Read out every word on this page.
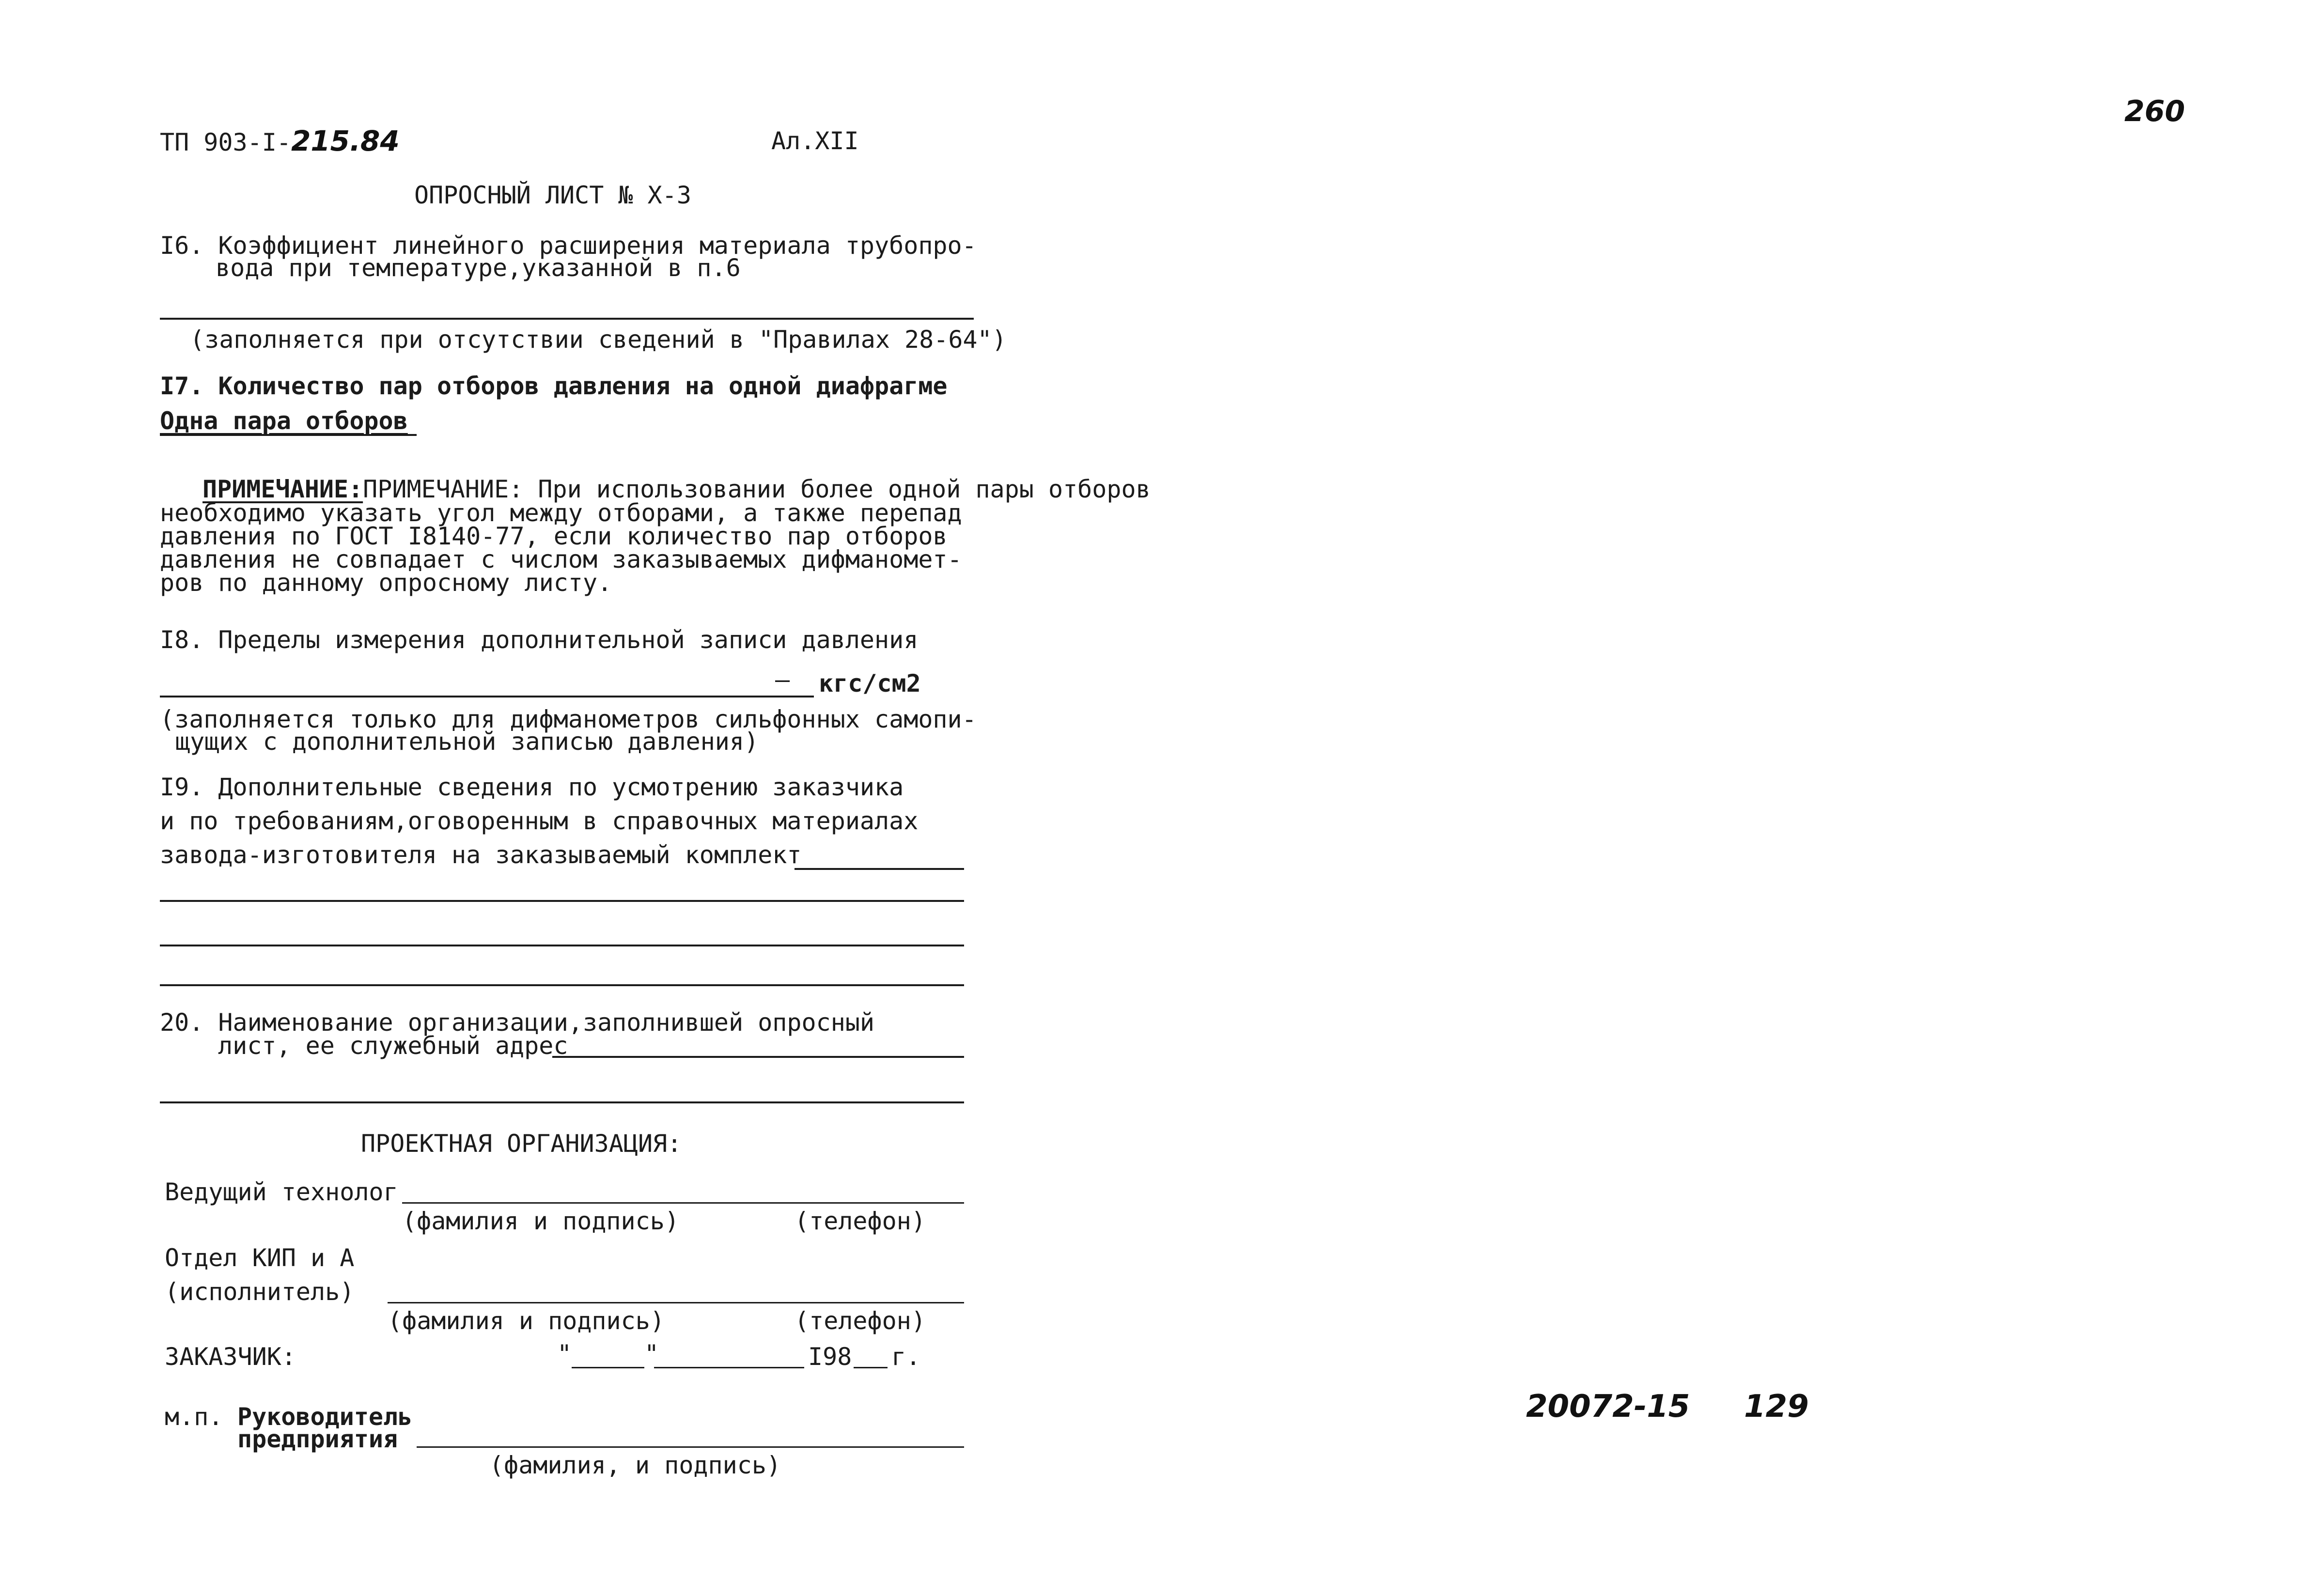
ТП 903-I-215.84	Ал.XII
260
ОПРОСНЫЙ ЛИСТ № Х-3
I6. Коэффициент линейного расширения материала трубопро-
вода при температуре,указанной в п.6
(заполняется при отсутствии сведений в "Правилах 28-64")
I7. Количество пар отборов давления на одной диафрагме
Одна пара отборов
ПРИМЕЧАНИЕ:ПРИМЕЧАНИЕ: При использовании более одной пары отборов
необходимо указать угол между отборами, а также перепад
давления по ГОСТ I8140-77, если количество пар отборов
давления не совпадает с числом заказываемых дифманомет-
ров по данному опросному листу.
I8. Пределы измерения дополнительной записи давления
— кгс/см2
(заполняется только для дифманометров сильфонных самопи-
щущих с дополнительной записью давления)
I9. Дополнительные сведения по усмотрению заказчика
и по требованиям,оговоренным в справочных материалах
завода-изготовителя на заказываемый комплект
20. Наименование организации,заполнившей опросный
лист, ее служебный адрес
ПРОЕКТНАЯ ОРГАНИЗАЦИЯ:
Ведущий технолог
(фамилия и подпись)	(телефон)
Отдел КИП и А
(исполнитель)
(фамилия и подпись)	(телефон)
ЗАКАЗЧИК:	"	"	I98 г.
м.п. Руководитель
предприятия
(фамилия, и подпись)
20072-15 129
